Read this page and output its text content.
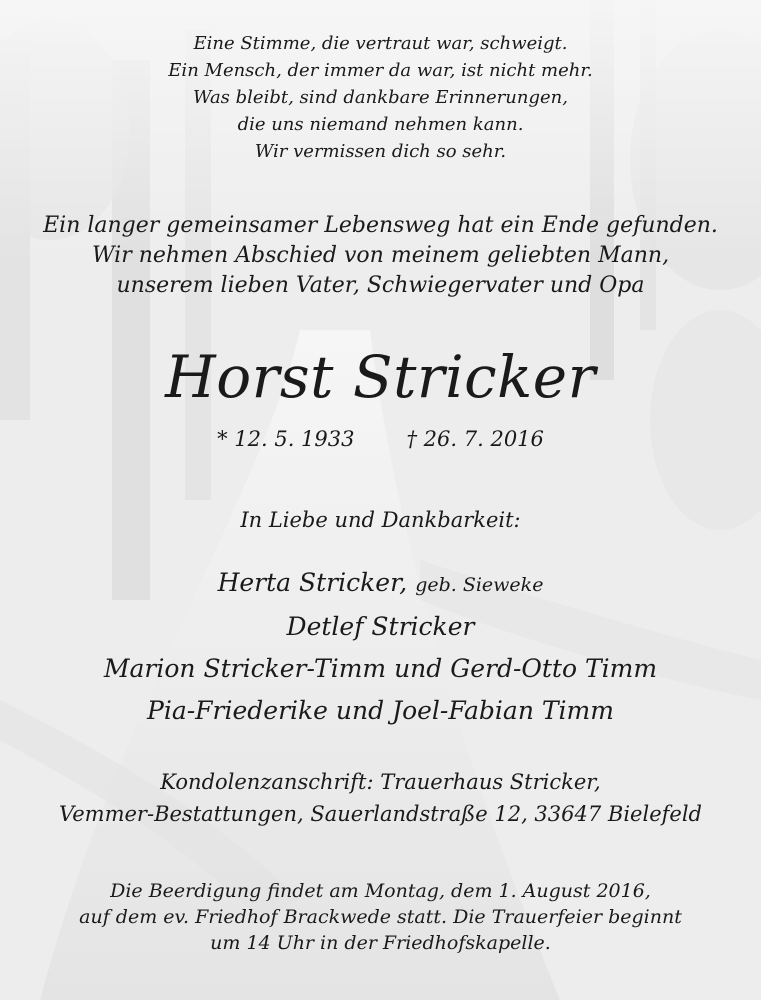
Eine Stimme, die vertraut war, schweigt.
Ein Mensch, der immer da war, ist nicht mehr.
Was bleibt, sind dankbare Erinnerungen,
die uns niemand nehmen kann.
Wir vermissen dich so sehr.
Ein langer gemeinsamer Lebensweg hat ein Ende gefunden.
Wir nehmen Abschied von meinem geliebten Mann,
unserem lieben Vater, Schwiegervater und Opa
Horst Stricker
* 12. 5. 1933 † 26. 7. 2016
In Liebe und Dankbarkeit:
Herta Stricker, geb. Sieweke
Detlef Stricker
Marion Stricker-Timm und Gerd-Otto Timm
Pia-Friederike und Joel-Fabian Timm
Kondolenzanschrift: Trauerhaus Stricker,
Vemmer-Bestattungen, Sauerlandstraße 12, 33647 Bielefeld
Die Beerdigung findet am Montag, dem 1. August 2016,
auf dem ev. Friedhof Brackwede statt. Die Trauerfeier beginnt
um 14 Uhr in der Friedhofskapelle.
